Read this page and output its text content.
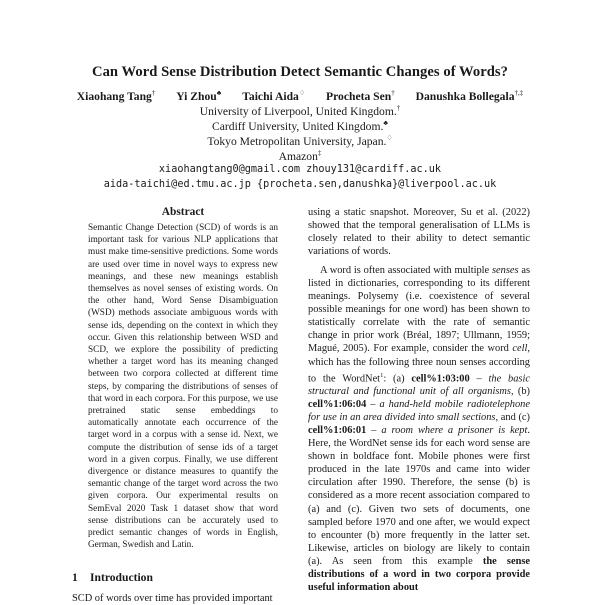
Can Word Sense Distribution Detect Semantic Changes of Words?
Xiaohang Tang† Yi Zhou♣ Taichi Aida♢ Procheta Sen† Danushka Bollegala†,‡
University of Liverpool, United Kingdom.†
Cardiff University, United Kingdom.♣
Tokyo Metropolitan University, Japan.♢
Amazon‡
xiaohangtang0@gmail.com zhouy131@cardiff.ac.uk
aida-taichi@ed.tmu.ac.jp {procheta.sen,danushka}@liverpool.ac.uk
Abstract
Semantic Change Detection (SCD) of words is an important task for various NLP applications that must make time-sensitive predictions. Some words are used over time in novel ways to express new meanings, and these new meanings establish themselves as novel senses of existing words. On the other hand, Word Sense Disambiguation (WSD) methods associate ambiguous words with sense ids, depending on the context in which they occur. Given this relationship between WSD and SCD, we explore the possibility of predicting whether a target word has its meaning changed between two corpora collected at different time steps, by comparing the distributions of senses of that word in each corpora. For this purpose, we use pretrained static sense embeddings to automatically annotate each occurrence of the target word in a corpus with a sense id. Next, we compute the distribution of sense ids of a target word in a given corpus. Finally, we use different divergence or distance measures to quantify the semantic change of the target word across the two given corpora. Our experimental results on SemEval 2020 Task 1 dataset show that word sense distributions can be accurately used to predict semantic changes of words in English, German, Swedish and Latin.
1 Introduction
SCD of words over time has provided important

using a static snapshot. Moreover, Su et al. (2022) showed that the temporal generalisation of LLMs is closely related to their ability to detect semantic variations of words.

A word is often associated with multiple senses as listed in dictionaries, corresponding to its different meanings. Polysemy (i.e. coexistence of several possible meanings for one word) has been shown to statistically correlate with the rate of semantic change in prior work (Bréal, 1897; Ullmann, 1959; Magué, 2005). For example, consider the word cell, which has the following three noun senses according to the WordNet$^1$: (a) cell%1:03:00 – the basic structural and functional unit of all organisms, (b) cell%1:06:04 – a hand-held mobile radiotelephone for use in an area divided into small sections, and (c) cell%1:06:01 – a room where a prisoner is kept. Here, the WordNet sense ids for each word sense are shown in boldface font. Mobile phones were first produced in the late 1970s and came into wider circulation after 1990. Therefore, the sense (b) is considered as a more recent association compared to (a) and (c). Given two sets of documents, one sampled before 1970 and one after, we would expect to encounter (b) more frequently in the latter set. Likewise, articles on biology are likely to contain (a). As seen from this example the sense distributions of a word in two corpora provide useful information about
